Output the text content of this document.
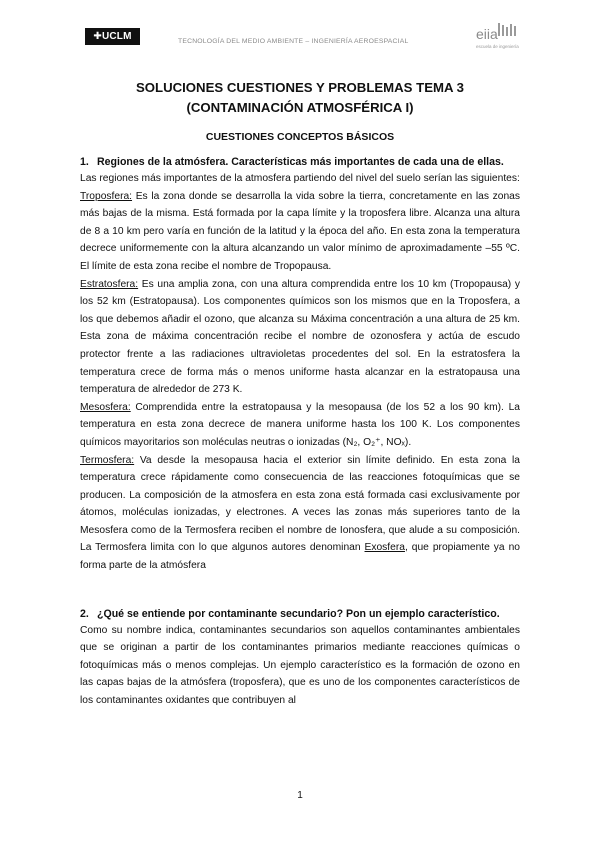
✚UCLM	TECNOLOGÍA DEL MEDIO AMBIENTE – INGENIERÍA AEROESPACIAL	eiia
escuela de ingeniería
SOLUCIONES CUESTIONES Y PROBLEMAS TEMA 3
(CONTAMINACIÓN ATMOSFÉRICA I)
CUESTIONES CONCEPTOS BÁSICOS
1. Regiones de la atmósfera. Características más importantes de cada una de ellas.

Las regiones más importantes de la atmosfera partiendo del nivel del suelo serían las siguientes:

Troposfera: Es la zona donde se desarrolla la vida sobre la tierra, concretamente en las zonas más bajas de la misma. Está formada por la capa límite y la troposfera libre. Alcanza una altura de 8 a 10 km pero varía en función de la latitud y la época del año. En esta zona la temperatura decrece uniformemente con la altura alcanzando un valor mínimo de aproximadamente –55 ºC. El límite de esta zona recibe el nombre de Tropopausa.

Estratosfera: Es una amplia zona, con una altura comprendida entre los 10 km (Tropopausa) y los 52 km (Estratopausa). Los componentes químicos son los mismos que en la Troposfera, a los que debemos añadir el ozono, que alcanza su Máxima concentración a una altura de 25 km. Esta zona de máxima concentración recibe el nombre de ozonosfera y actúa de escudo protector frente a las radiaciones ultravioletas procedentes del sol. En la estratosfera la temperatura crece de forma más o menos uniforme hasta alcanzar en la estratopausa una temperatura de alrededor de 273 K.

Mesosfera: Comprendida entre la estratopausa y la mesopausa (de los 52 a los 90 km). La temperatura en esta zona decrece de manera uniforme hasta los 100 K. Los componentes químicos mayoritarios son moléculas neutras o ionizadas (N₂, O₂⁺, NOₓ).

Termosfera: Va desde la mesopausa hacia el exterior sin límite definido. En esta zona la temperatura crece rápidamente como consecuencia de las reacciones fotoquímicas que se producen. La composición de la atmosfera en esta zona está formada casi exclusivamente por átomos, moléculas ionizadas, y electrones. A veces las zonas más superiores tanto de la Mesosfera como de la Termosfera reciben el nombre de Ionosfera, que alude a su composición. La Termosfera limita con lo que algunos autores denominan Exosfera, que propiamente ya no forma parte de la atmósfera

2. ¿Qué se entiende por contaminante secundario? Pon un ejemplo característico.

Como su nombre indica, contaminantes secundarios son aquellos contaminantes ambientales que se originan a partir de los contaminantes primarios mediante reacciones químicas o fotoquímicas más o menos complejas. Un ejemplo característico es la formación de ozono en las capas bajas de la atmósfera (troposfera), que es uno de los componentes característicos de los contaminantes oxidantes que contribuyen al

1
